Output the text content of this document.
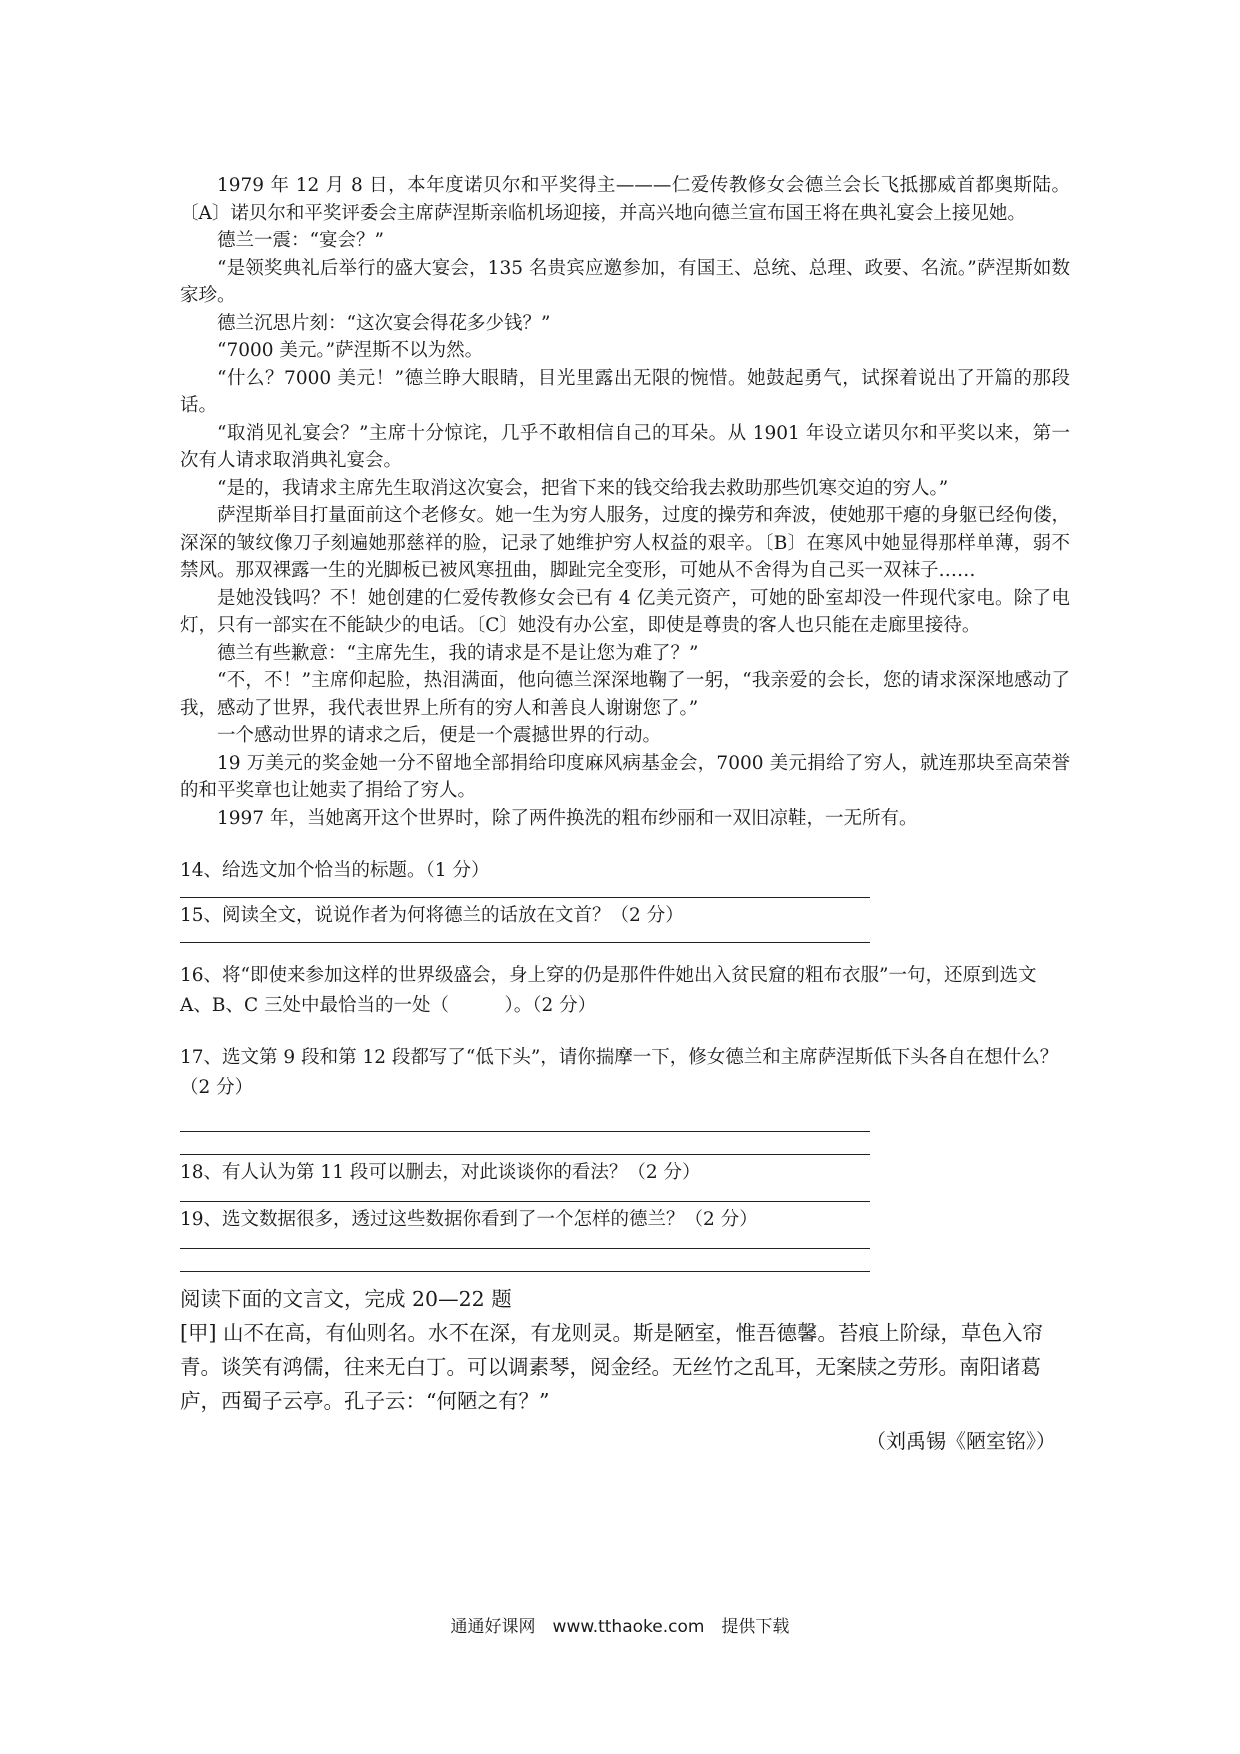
1979 年 12 月 8 日，本年度诺贝尔和平奖得主———仁爱传教修女会德兰会长飞抵挪威首都奥斯陆。〔A〕诺贝尔和平奖评委会主席萨涅斯亲临机场迎接，并高兴地向德兰宣布国王将在典礼宴会上接见她。

德兰一震：“宴会？”

“是领奖典礼后举行的盛大宴会，135 名贵宾应邀参加，有国王、总统、总理、政要、名流。”萨涅斯如数家珍。

德兰沉思片刻：“这次宴会得花多少钱？”

“7000 美元。”萨涅斯不以为然。

“什么？7000 美元！”德兰睁大眼睛，目光里露出无限的惋惜。她鼓起勇气，试探着说出了开篇的那段话。

“取消见礼宴会？”主席十分惊诧，几乎不敢相信自己的耳朵。从 1901 年设立诺贝尔和平奖以来，第一次有人请求取消典礼宴会。

“是的，我请求主席先生取消这次宴会，把省下来的钱交给我去救助那些饥寒交迫的穷人。”

萨涅斯举目打量面前这个老修女。她一生为穷人服务，过度的操劳和奔波，使她那干瘪的身躯已经佝偻，深深的皱纹像刀子刻遍她那慈祥的脸，记录了她维护穷人权益的艰辛。〔B〕在寒风中她显得那样单薄，弱不禁风。那双裸露一生的光脚板已被风寒扭曲，脚趾完全变形，可她从不舍得为自己买一双袜子……

是她没钱吗？不！她创建的仁爱传教修女会已有 4 亿美元资产，可她的卧室却没一件现代家电。除了电灯，只有一部实在不能缺少的电话。〔C〕她没有办公室，即使是尊贵的客人也只能在走廊里接待。

德兰有些歉意：“主席先生，我的请求是不是让您为难了？”

“不，不！”主席仰起脸，热泪满面，他向德兰深深地鞠了一躬，“我亲爱的会长，您的请求深深地感动了我，感动了世界，我代表世界上所有的穷人和善良人谢谢您了。”

一个感动世界的请求之后，便是一个震撼世界的行动。

19 万美元的奖金她一分不留地全部捐给印度麻风病基金会，7000 美元捐给了穷人，就连那块至高荣誉的和平奖章也让她卖了捐给了穷人。

1997 年，当她离开这个世界时，除了两件换洗的粗布纱丽和一双旧凉鞋，一无所有。

14、给选文加个恰当的标题。（1 分）

15、阅读全文，说说作者为何将德兰的话放在文首？（2 分）

16、将“即使来参加这样的世界级盛会，身上穿的仍是那件件她出入贫民窟的粗布衣服”一句，还原到选文 A、B、C 三处中最恰当的一处（　　　）。（2 分）

17、选文第 9 段和第 12 段都写了“低下头”，请你揣摩一下，修女德兰和主席萨涅斯低下头各自在想什么？（2 分）

18、有人认为第 11 段可以删去，对此谈谈你的看法？（2 分）

19、选文数据很多，透过这些数据你看到了一个怎样的德兰？（2 分）

阅读下面的文言文，完成 20—22 题

[甲] 山不在高，有仙则名。水不在深，有龙则灵。斯是陋室，惟吾德馨。苔痕上阶绿，草色入帘青。谈笑有鸿儒，往来无白丁。可以调素琴，阅金经。无丝竹之乱耳，无案牍之劳形。南阳诸葛庐，西蜀子云亭。孔子云：“何陋之有？”

（刘禹锡《陋室铭》）

通通好课网　www.tthaoke.com　提供下载
